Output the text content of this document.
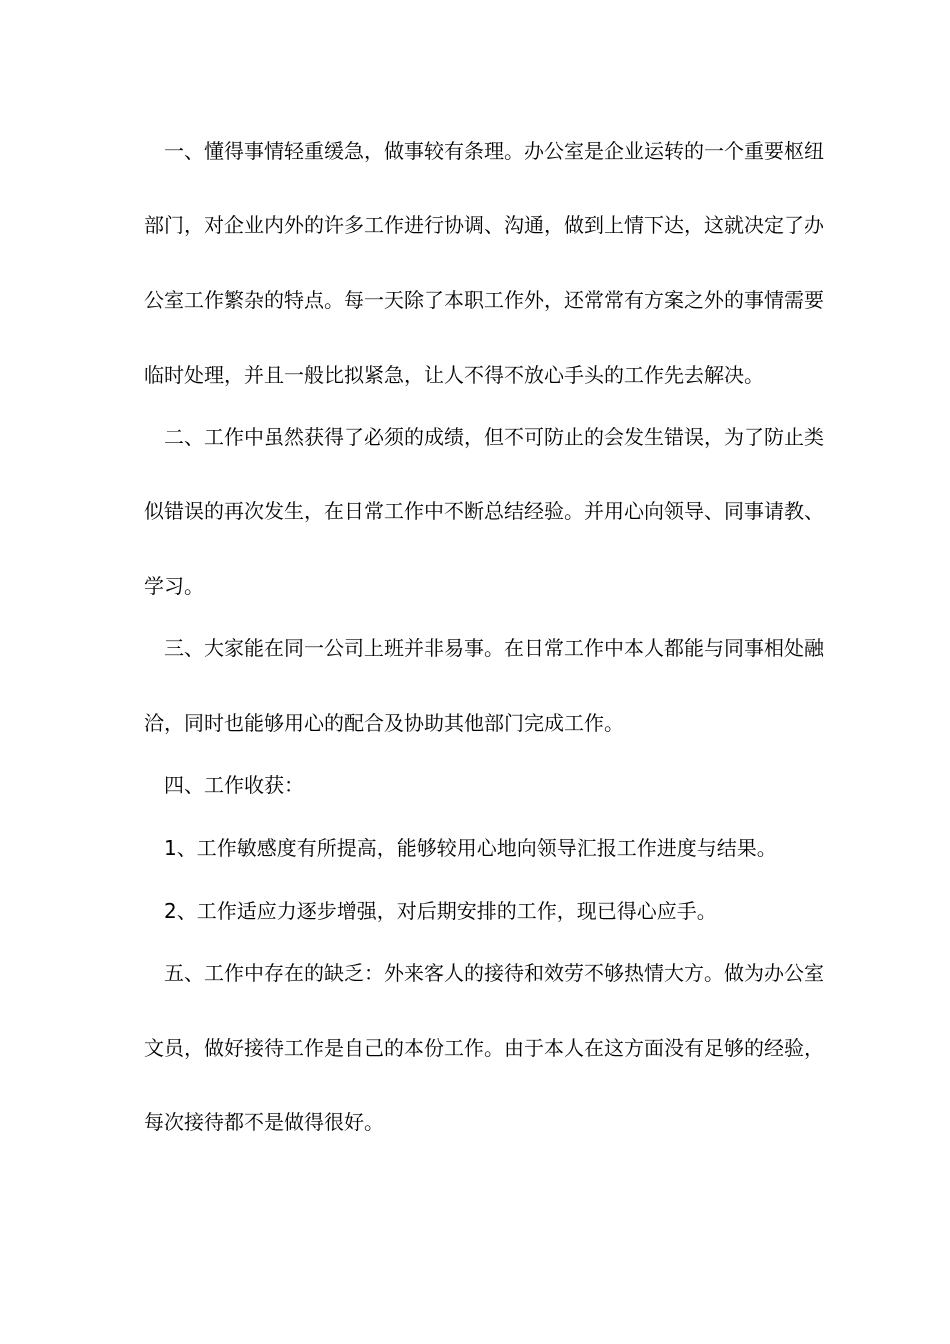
一、懂得事情轻重缓急，做事较有条理。办公室是企业运转的一个重要枢纽
部门，对企业内外的许多工作进行协调、沟通，做到上情下达，这就决定了办
公室工作繁杂的特点。每一天除了本职工作外，还常常有方案之外的事情需要
临时处理，并且一般比拟紧急，让人不得不放心手头的工作先去解决。
二、工作中虽然获得了必须的成绩，但不可防止的会发生错误，为了防止类
似错误的再次发生，在日常工作中不断总结经验。并用心向领导、同事请教、
学习。
三、大家能在同一公司上班并非易事。在日常工作中本人都能与同事相处融
洽，同时也能够用心的配合及协助其他部门完成工作。
四、工作收获：
1、工作敏感度有所提高，能够较用心地向领导汇报工作进度与结果。
2、工作适应力逐步增强，对后期安排的工作，现已得心应手。
五、工作中存在的缺乏：外来客人的接待和效劳不够热情大方。做为办公室
文员，做好接待工作是自己的本份工作。由于本人在这方面没有足够的经验，
每次接待都不是做得很好。
